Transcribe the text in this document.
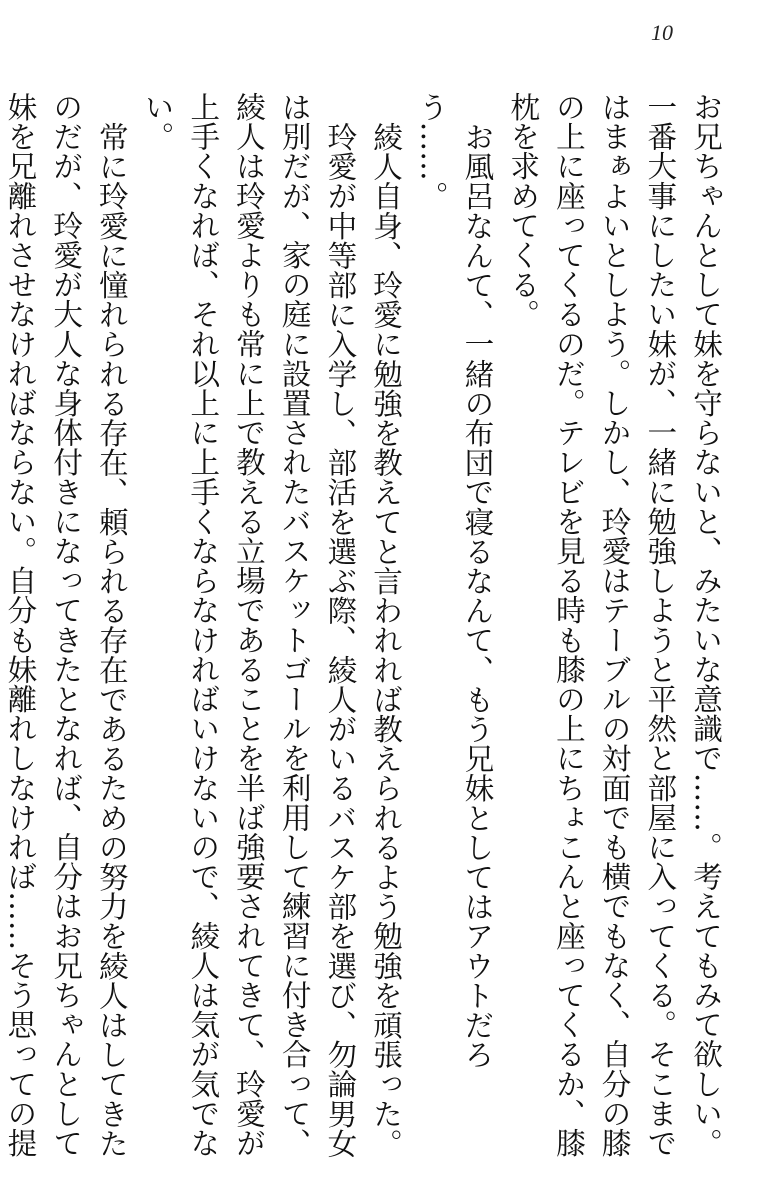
10

お兄ちゃんとして妹を守らないと、みたいな意識で……。考えてもみて欲しい。一番大事にしたい妹が、一緒に勉強しようと平然と部屋に入ってくる。そこまではまぁよいとしよう。しかし、玲愛はテーブルの対面でも横でもなく、自分の膝の上に座ってくるのだ。テレビを見る時も膝の上にちょこんと座ってくるか、膝枕を求めてくる。

お風呂なんて、一緒の布団で寝るなんて、もう兄妹としてはアウトだろう……。

綾人自身、玲愛に勉強を教えてと言われれば教えられるよう勉強を頑張った。

玲愛が中等部に入学し、部活を選ぶ際、綾人がいるバスケ部を選び、勿論男女は別だが、家の庭に設置されたバスケットゴールを利用して練習に付き合って、綾人は玲愛よりも常に上で教える立場であることを半ば強要されてきて、玲愛が上手くなれば、それ以上に上手くならなければいけないので、綾人は気が気でない。

常に玲愛に憧れられる存在、頼られる存在であるための努力を綾人はしてきたのだが、玲愛が大人な身体付きになってきたとなれば、自分はお兄ちゃんとして妹を兄離れさせなければならない。自分も妹離れしなければ……そう思っての提
